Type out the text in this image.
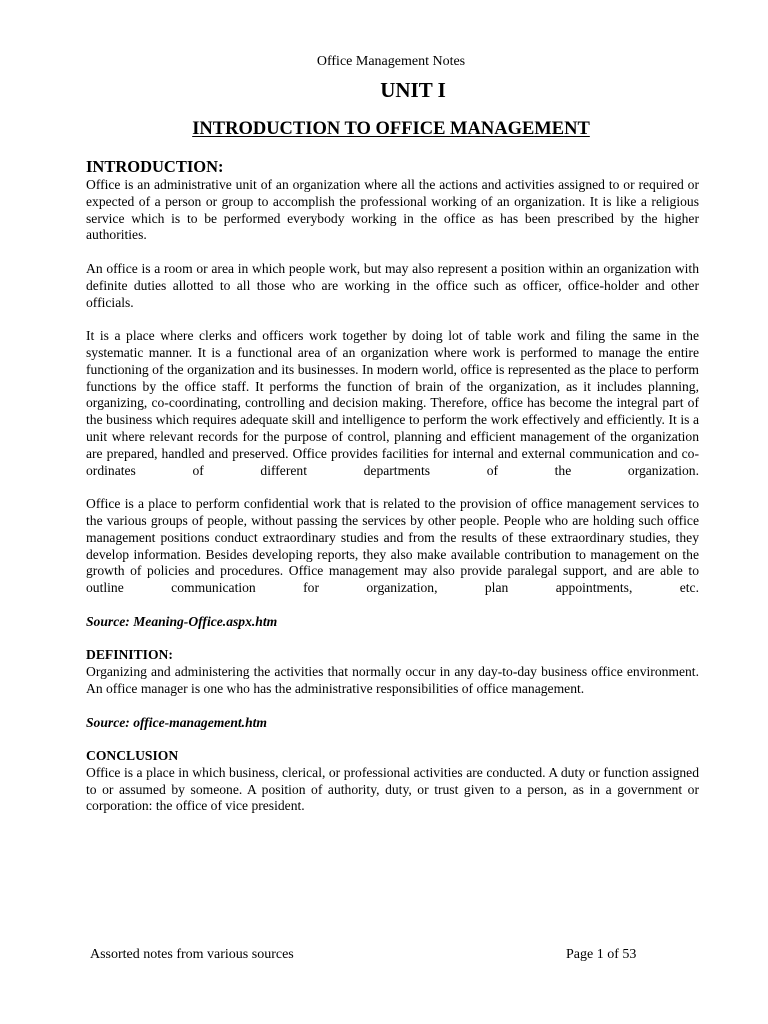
Office Management Notes
UNIT I
INTRODUCTION TO OFFICE MANAGEMENT
INTRODUCTION:

Office is an administrative unit of an organization where all the actions and activities assigned to or required or expected of a person or group to accomplish the professional working of an organization. It is like a religious service which is to be performed everybody working in the office as has been prescribed by the higher authorities.

An office is a room or area in which people work, but may also represent a position within an organization with definite duties allotted to all those who are working in the office such as officer, office-holder and other officials.

It is a place where clerks and officers work together by doing lot of table work and filing the same in the systematic manner. It is a functional area of an organization where work is performed to manage the entire functioning of the organization and its businesses. In modern world, office is represented as the place to perform functions by the office staff. It performs the function of brain of the organization, as it includes planning, organizing, co-coordinating, controlling and decision making. Therefore, office has become the integral part of the business which requires adequate skill and intelligence to perform the work effectively and efficiently. It is a unit where relevant records for the purpose of control, planning and efficient management of the organization are prepared, handled and preserved. Office provides facilities for internal and external communication and co-ordinates of different departments of the organization.

Office is a place to perform confidential work that is related to the provision of office management services to the various groups of people, without passing the services by other people. People who are holding such office management positions conduct extraordinary studies and from the results of these extraordinary studies, they develop information. Besides developing reports, they also make available contribution to management on the growth of policies and procedures. Office management may also provide paralegal support, and are able to outline communication for organization, plan appointments, etc.

Source: Meaning-Office.aspx.htm

DEFINITION:

Organizing and administering the activities that normally occur in any day-to-day business office environment. An office manager is one who has the administrative responsibilities of office management.

Source: office-management.htm

CONCLUSION

Office is a place in which business, clerical, or professional activities are conducted. A duty or function assigned to or assumed by someone. A position of authority, duty, or trust given to a person, as in a government or corporation: the office of vice president.

Assorted notes from various sources	Page 1 of 53
